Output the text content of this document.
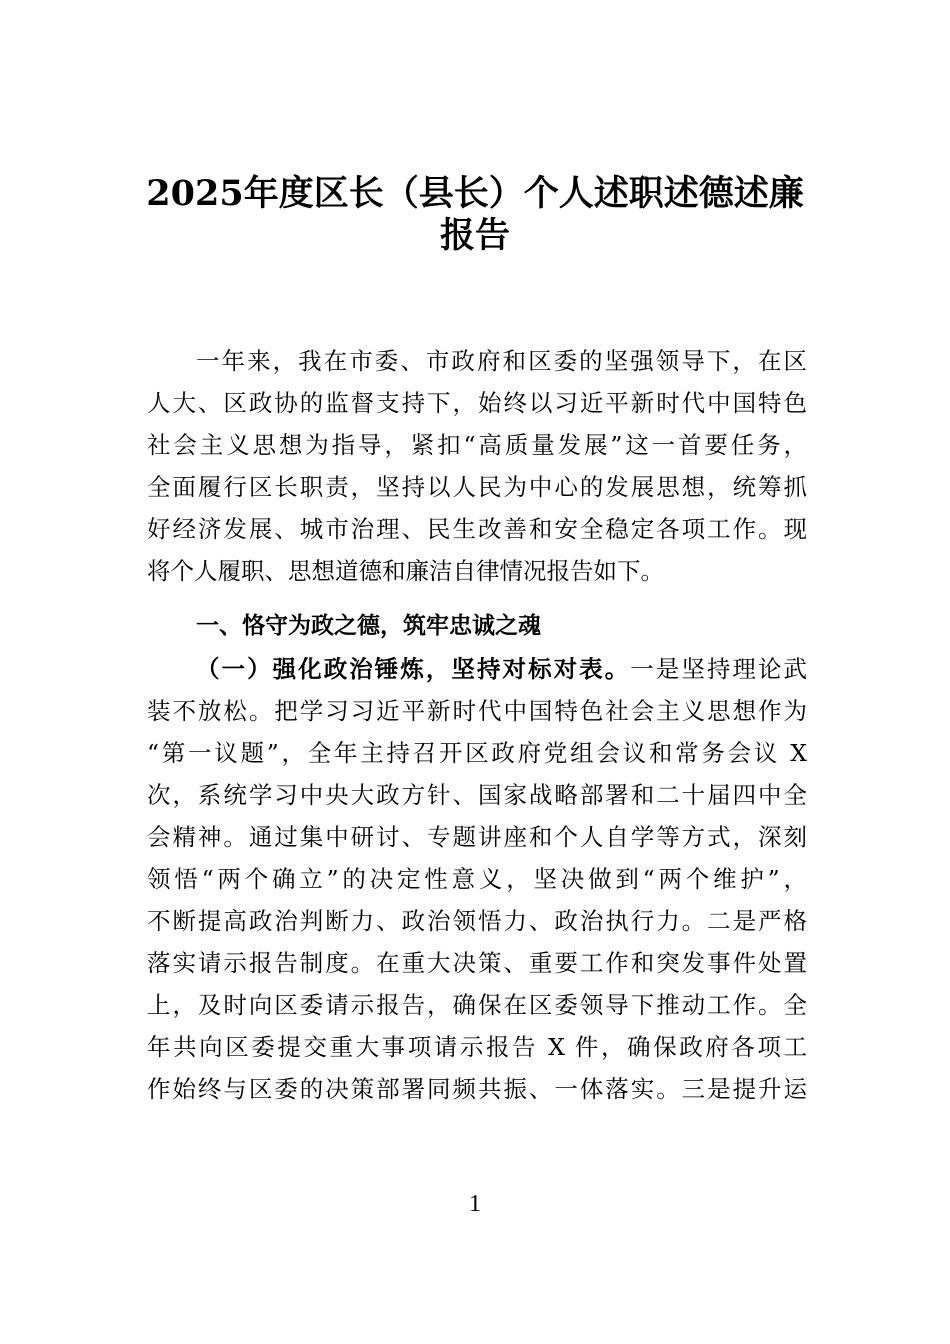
2025年度区长（县长）个人述职述德述廉
报告
一年来，我在市委、市政府和区委的坚强领导下，在区
人大、区政协的监督支持下，始终以习近平新时代中国特色
社会主义思想为指导，紧扣“高质量发展”这一首要任务，
全面履行区长职责，坚持以人民为中心的发展思想，统筹抓
好经济发展、城市治理、民生改善和安全稳定各项工作。现
将个人履职、思想道德和廉洁自律情况报告如下。
一、恪守为政之德，筑牢忠诚之魂
（一）强化政治锤炼，坚持对标对表。一是坚持理论武
装不放松。把学习习近平新时代中国特色社会主义思想作为
“第一议题”，全年主持召开区政府党组会议和常务会议 X
次，系统学习中央大政方针、国家战略部署和二十届四中全
会精神。通过集中研讨、专题讲座和个人自学等方式，深刻
领悟“两个确立”的决定性意义，坚决做到“两个维护”，
不断提高政治判断力、政治领悟力、政治执行力。二是严格
落实请示报告制度。在重大决策、重要工作和突发事件处置
上，及时向区委请示报告，确保在区委领导下推动工作。全
年共向区委提交重大事项请示报告 X 件，确保政府各项工
作始终与区委的决策部署同频共振、一体落实。三是提升运
1
